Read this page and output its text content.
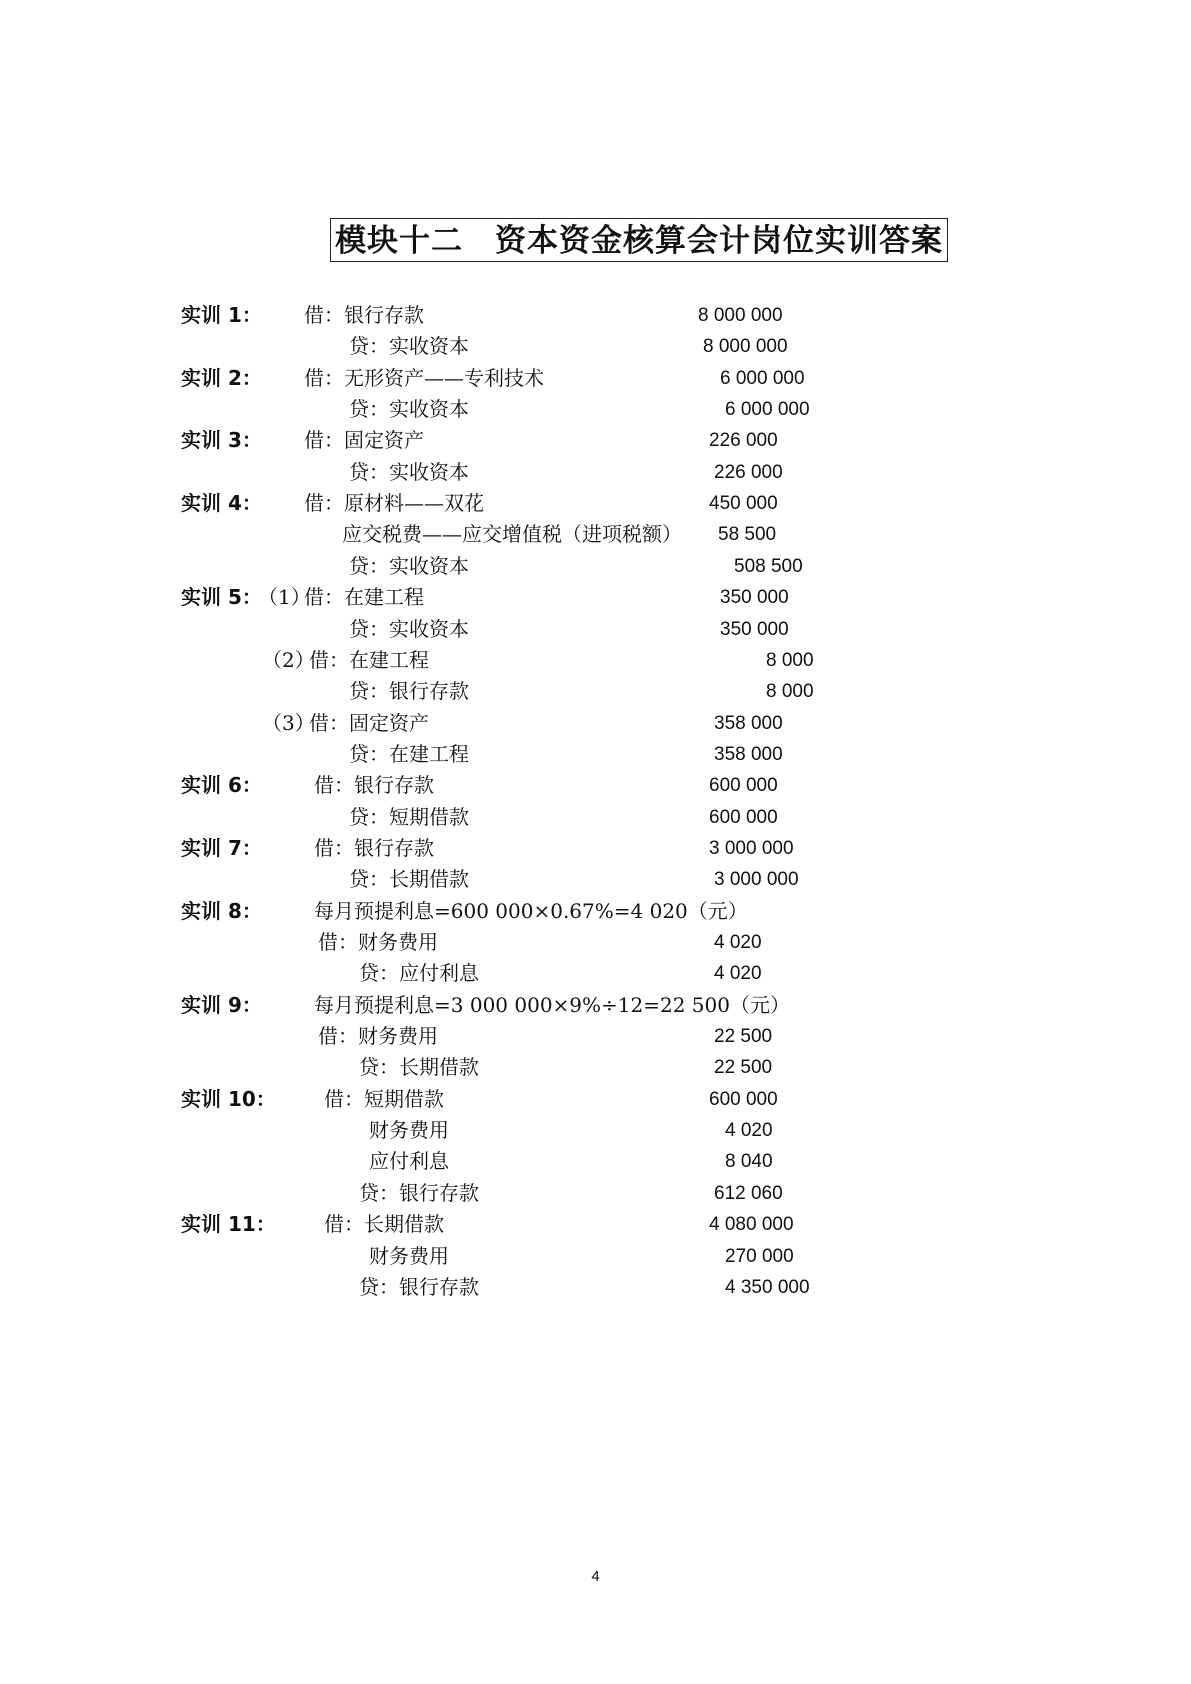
模块十二　资本资金核算会计岗位实训答案
实训 1： 借：银行存款	8 000 000
贷：实收资本	8 000 000
实训 2： 借：无形资产——专利技术	6 000 000
贷：实收资本	6 000 000
实训 3： 借：固定资产	226 000
贷：实收资本	226 000
实训 4： 借：原材料——双花	450 000
应交税费——应交增值税（进项税额） 58 500
贷：实收资本	508 500
实训 5：
（1）
借：在建工程	350 000
贷：实收资本	350 000
（2）
借：在建工程	8 000
贷：银行存款	8 000
（3）
借：固定资产	358 000
贷：在建工程	358 000
实训 6：	借：银行存款	600 000
贷：短期借款	600 000
实训 7：	借：银行存款	3 000 000
贷：长期借款	3 000 000
实训 8：	每月预提利息=600 000×0.67%=4 020（元）
借：财务费用	4 020
贷：应付利息	4 020
实训 9：	每月预提利息=3 000 000×9%÷12=22 500（元）
借：财务费用	22 500
贷：长期借款	22 500
实训 10： 借：短期借款	600 000
财务费用	4 020
应付利息	8 040
贷：银行存款	612 060
实训 11： 借：长期借款	4 080 000
财务费用	270 000
贷：银行存款	4 350 000
4
